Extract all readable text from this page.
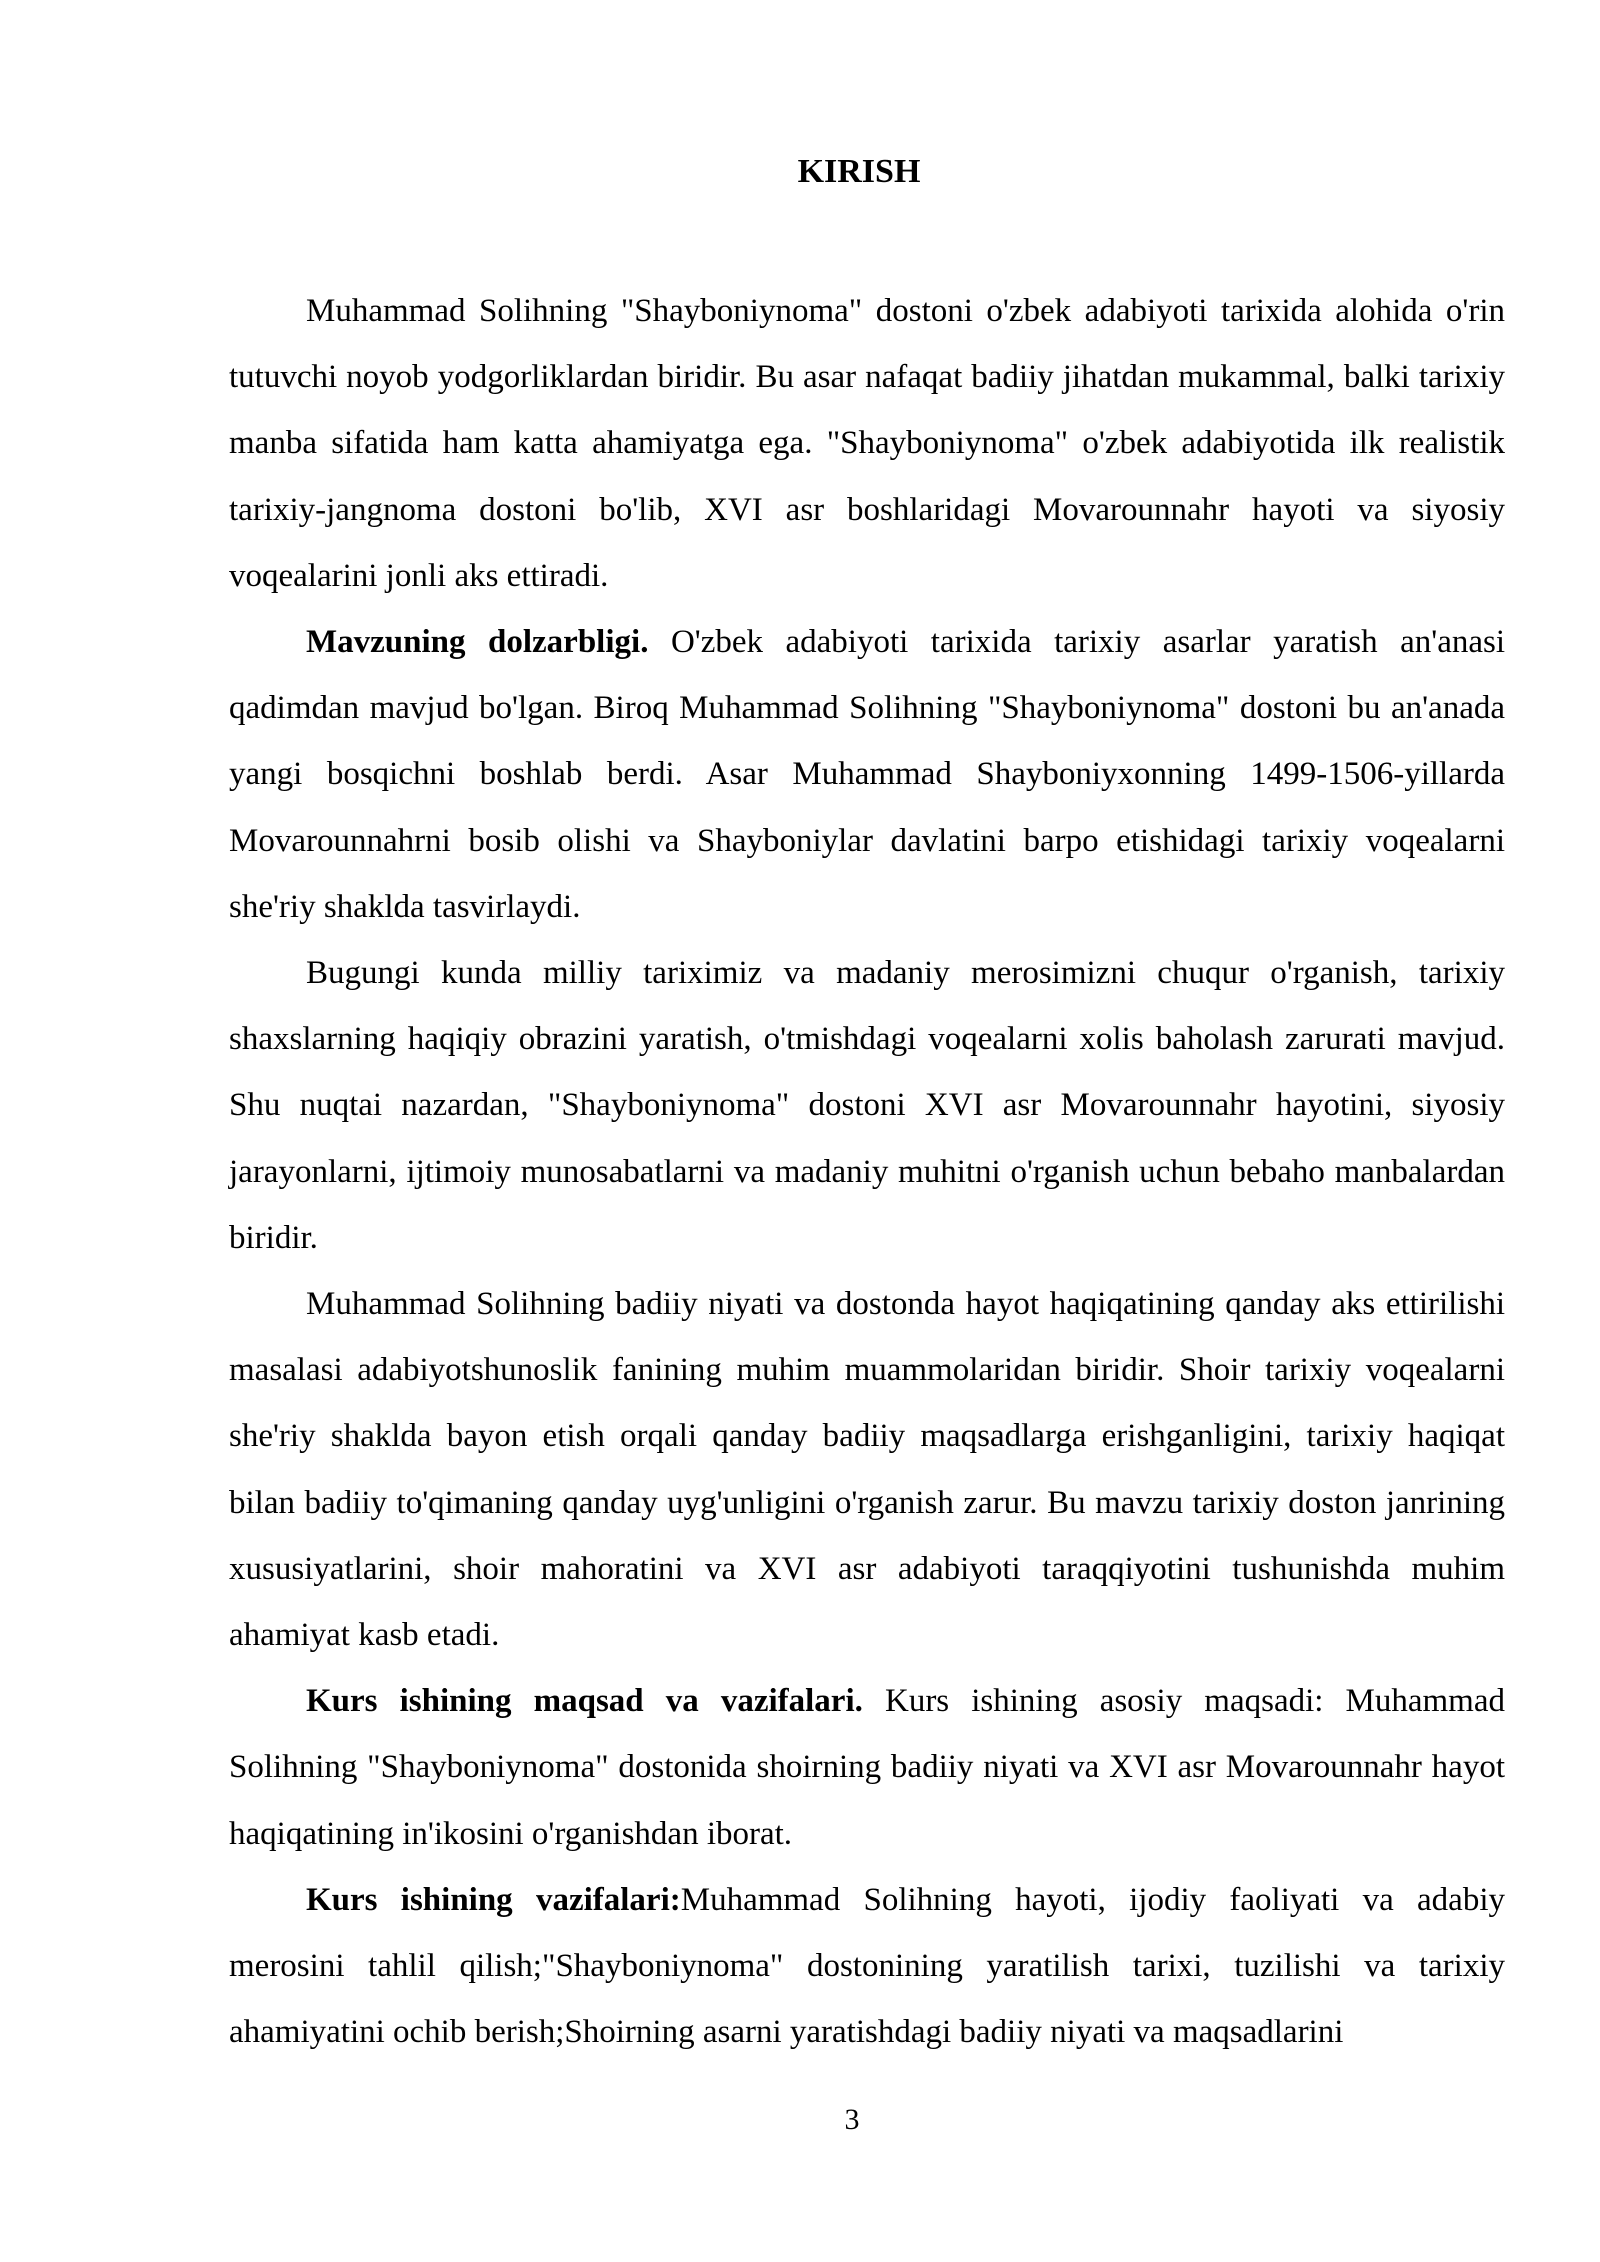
KIRISH

Muhammad Solihning "Shayboniynoma" dostoni o'zbek adabiyoti tarixida alohida o'rin tutuvchi noyob yodgorliklardan biridir. Bu asar nafaqat badiiy jihatdan mukammal, balki tarixiy manba sifatida ham katta ahamiyatga ega. "Shayboniynoma" o'zbek adabiyotida ilk realistik tarixiy-jangnoma dostoni bo'lib, XVI asr boshlaridagi Movarounnahr hayoti va siyosiy voqealarini jonli aks ettiradi.

Mavzuning dolzarbligi. O'zbek adabiyoti tarixida tarixiy asarlar yaratish an'anasi qadimdan mavjud bo'lgan. Biroq Muhammad Solihning "Shayboniynoma" dostoni bu an'anada yangi bosqichni boshlab berdi. Asar Muhammad Shayboniyxonning 1499-1506-yillarda Movarounnahrni bosib olishi va Shayboniylar davlatini barpo etishidagi tarixiy voqealarni she'riy shaklda tasvirlaydi.

Bugungi kunda milliy tariximiz va madaniy merosimizni chuqur o'rganish, tarixiy shaxslarning haqiqiy obrazini yaratish, o'tmishdagi voqealarni xolis baholash zarurati mavjud. Shu nuqtai nazardan, "Shayboniynoma" dostoni XVI asr Movarounnahr hayotini, siyosiy jarayonlarni, ijtimoiy munosabatlarni va madaniy muhitni o'rganish uchun bebaho manbalardan biridir.

Muhammad Solihning badiiy niyati va dostonda hayot haqiqatining qanday aks ettirilishi masalasi adabiyotshunoslik fanining muhim muammolaridan biridir. Shoir tarixiy voqealarni she'riy shaklda bayon etish orqali qanday badiiy maqsadlarga erishganligini, tarixiy haqiqat bilan badiiy to'qimaning qanday uyg'unligini o'rganish zarur. Bu mavzu tarixiy doston janrining xususiyatlarini, shoir mahoratini va XVI asr adabiyoti taraqqiyotini tushunishda muhim ahamiyat kasb etadi.

Kurs ishining maqsad va vazifalari. Kurs ishining asosiy maqsadi: Muhammad Solihning "Shayboniynoma" dostonida shoirning badiiy niyati va XVI asr Movarounnahr hayot haqiqatining in'ikosini o'rganishdan iborat.

Kurs ishining vazifalari:Muhammad Solihning hayoti, ijodiy faoliyati va adabiy merosini tahlil qilish;"Shayboniynoma" dostonining yaratilish tarixi, tuzilishi va tarixiy ahamiyatini ochib berish;Shoirning asarni yaratishdagi badiiy niyati va maqsadlarini

3
